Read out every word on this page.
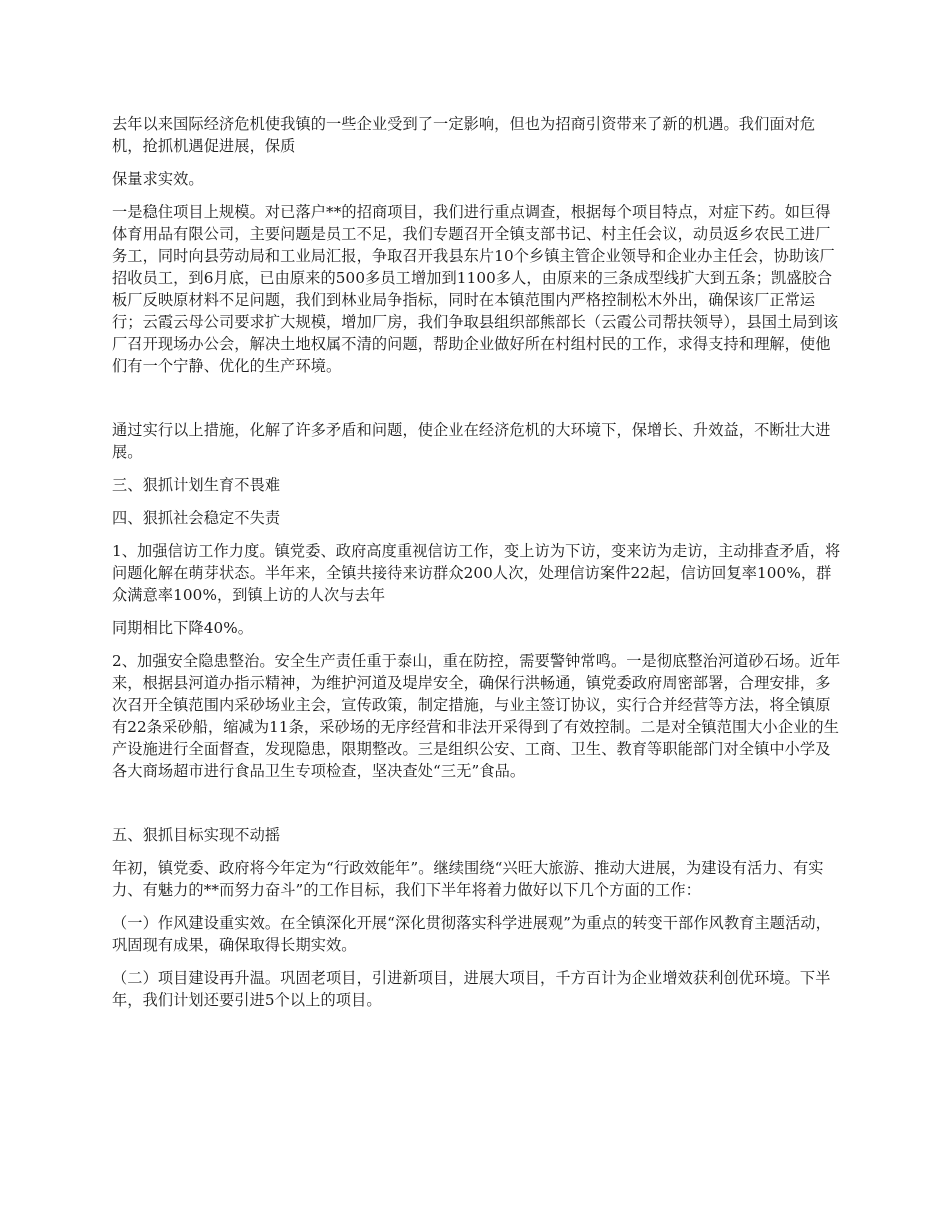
去年以来国际经济危机使我镇的一些企业受到了一定影响，但也为招商引资带来了新的机遇。我们面对危机，抢抓机遇促进展，保质

保量求实效。

一是稳住项目上规模。对已落户**的招商项目，我们进行重点调查，根据每个项目特点，对症下药。如巨得体育用品有限公司，主要问题是员工不足，我们专题召开全镇支部书记、村主任会议，动员返乡农民工进厂务工，同时向县劳动局和工业局汇报，争取召开我县东片10个乡镇主管企业领导和企业办主任会，协助该厂招收员工，到6月底，已由原来的500多员工增加到1100多人，由原来的三条成型线扩大到五条；凯盛胶合板厂反映原材料不足问题，我们到林业局争指标，同时在本镇范围内严格控制松木外出，确保该厂正常运行；云霞云母公司要求扩大规模，增加厂房，我们争取县组织部熊部长（云霞公司帮扶领导），县国土局到该厂召开现场办公会，解决土地权属不清的问题，帮助企业做好所在村组村民的工作，求得支持和理解，使他们有一个宁静、优化的生产环境。

通过实行以上措施，化解了许多矛盾和问题，使企业在经济危机的大环境下，保增长、升效益，不断壮大进展。

三、狠抓计划生育不畏难

四、狠抓社会稳定不失责

1、加强信访工作力度。镇党委、政府高度重视信访工作，变上访为下访，变来访为走访，主动排查矛盾，将问题化解在萌芽状态。半年来，全镇共接待来访群众200人次，处理信访案件22起，信访回复率100%，群众满意率100%，到镇上访的人次与去年

同期相比下降40%。

2、加强安全隐患整治。安全生产责任重于泰山，重在防控，需要警钟常鸣。一是彻底整治河道砂石场。近年来，根据县河道办指示精神，为维护河道及堤岸安全，确保行洪畅通，镇党委政府周密部署，合理安排，多次召开全镇范围内采砂场业主会，宣传政策，制定措施，与业主签订协议，实行合并经营等方法，将全镇原有22条采砂船，缩减为11条，采砂场的无序经营和非法开采得到了有效控制。二是对全镇范围大小企业的生产设施进行全面督查，发现隐患，限期整改。三是组织公安、工商、卫生、教育等职能部门对全镇中小学及各大商场超市进行食品卫生专项检查，坚决查处“三无”食品。

五、狠抓目标实现不动摇

年初，镇党委、政府将今年定为“行政效能年”。继续围绕“兴旺大旅游、推动大进展，为建设有活力、有实力、有魅力的**而努力奋斗”的工作目标，我们下半年将着力做好以下几个方面的工作：

（一）作风建设重实效。在全镇深化开展“深化贯彻落实科学进展观”为重点的转变干部作风教育主题活动，巩固现有成果，确保取得长期实效。

（二）项目建设再升温。巩固老项目，引进新项目，进展大项目，千方百计为企业增效获利创优环境。下半年，我们计划还要引进5个以上的项目。
